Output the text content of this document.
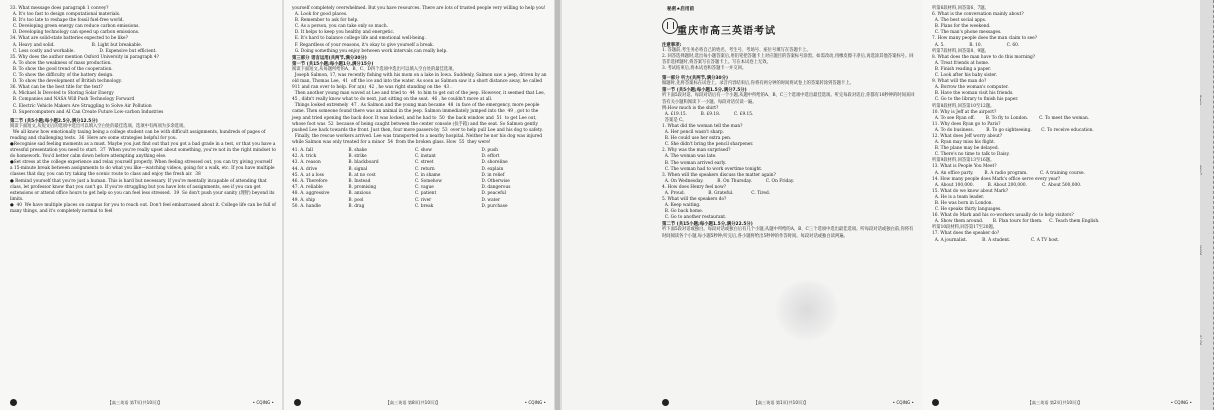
33. What message does paragraph 1 convey?
A. It's too fast to design computational materials.
B. It's too late to reshape the fossil fuel-free world.
C. Developing green energy can reduce carbon emissions.
D. Developing technology can speed up carbon emissions.
34. What are solid-state batteries expected to be like?
A. Heavy and solid.                           B. Light but breakable.
C. Less costly and workable.                  D. Expensive but efficient.
35. Why does the author mention Oxford University in paragraph 4?
A. To show the weakness of mass production.
B. To show the good trend of the cooperation.
C. To show the difficulty of the battery design.
D. To show the development of British technology.
36. What can be the best title for the text?
A. Michael Is Devoted to Storing Solar Energy
B. Companies and NASA Will Push Technology Forward
C. Electric Vehicle Makers Are Struggling to Solve Air Pollution
D. Supercomputers and AI Can Create Future Low-carbon Industries
第二节 (共5小题;每小题2.5分,满分12.5分)
阅读下面短文,从短文后的选项中选出可以填入空白处的最佳选项。选项中有两项为多余选项。
We all know how emotionally taxing being a college student can be with difficult assignments, hundreds of pages of reading and challenging tests.  36  Here are some strategies helpful for you.
●Recognise sad feeling moments as a must. Maybe you just find out that you got a bad grade in a test, or that you have a stressful presentation you need to start.  37  When you're really upset about something, you're not in the right mindset to do homework. You'd better calm down before attempting anything else.
●Set stress at the college experience and relax yourself properly. When feeling stressed out, you can try giving yourself a 15-minute break between assignments to do what you like—watching videos, going for a walk, etc. If you have multiple classes that day, you can try taking the scenic route to class and enjoy the fresh air.  38
● Remind yourself that you're just a human. This is hard but necessary. If you're mentally incapable of attending that class, let professor know that you can't go. If you're struggling but you have lots of assignments, see if you can get extensions or attend office hours to get help so you can feel less stressed.  39  So don't push your sanity (理智) beyond its limits.
●  40  We have multiple places on campus for you to reach out. Don't feel embarrassed about it. College life can be full of many things, and it's completely normal to feel
【高三英语 第7页(共10页)】	• CQING •
yourself completely overwhelmed. But you have resources. There are lots of trusted people very willing to help you!
A. Look for good places.
B. Remember to ask for help.
C. As a person, you can take only so much.
D. It helps to keep you healthy and energetic.
E. It's hard to balance college life and emotional well-being.
F. Regardless of your reasons, it's okay to give yourself a break.
G. Doing something you enjoy between work intervals can really help.
第三部分 语言运用(共两节,满分30分)
第一节 (共15小题;每小题1分,满分15分)
阅读下面短文,从每题所给的A、B、C、D四个选项中选出可以填入空白处的最佳选项。
Joseph Salmon, 17, was recently fishing with his mom on a lake in Iowa. Suddenly, Salmon saw a jeep, driven by an old man, Thomas Lee,  41  off the ice and into the water. As soon as Salmon saw it a short distance away, he called 911 and ran over to help. For a(n)  42 , he was right standing on the  43 .
Then another young man waved at Lee and tried to  44  to him to get out of the jeep. However, it seemed that Lee,  45 , didn't really know what to do next, just sitting on the seat.  46 , he couldn't move at all.
Things looked extremely  47 . As Salmon and the young man became  48  in face of the emergency, more people came. Then someone found there was an animal in the jeep. Salmon immediately jumped into the  49 , got to the jeep and tried opening the back door. It was locked, and he had to  50  the back window and  51  to get Lee out, whose foot was  52  because of being caught between the center console (扶手箱) and the seat. So Salmon gently pushed Lee back towards the front. Just then, four more passers-by  53  over to help pull Lee and his dog to safety.
Finally, the rescue workers arrived. Lee was transported to a nearby hospital. Neither he nor his dog was injured while Salmon was only treated for a minor  54  from the broken glass. How  55  they were!
41. A. fall	B. shake	C. show	D. push
42. A. trick	B. strike	C. instant	D. effort
43. A. reason	B. blackboard	C. street	D. shoreline
44. A. drive	B. signal	C. return	D. explain
45. A. at a loss	B. at no cost	C. in shame	D. in relief
46. A. Therefore	B. Instead	C. Somehow	D. Otherwise
47. A. reliable	B. promising	C. vague	D. dangerous
48. A. aggressive	B. anxious	C. patient	D. peaceful
49. A. ship	B. pool	C. river	D. water
50. A. handle	B. drag	C. break	D. purchase
【高三英语 第8页(共10页)】	• CQING •
秘密★启用前
重庆市高三英语考试
注意事项:
1. 答题前,考生务必将自己的姓名、考生号、考场号、座位号填写在答题卡上。
2. 回答选择题时,选出每小题答案后,用铅笔把答题卡上对应题目的答案标号涂黑。如需改动,用橡皮擦干净后,再选涂其他答案标号。回答非选择题时,将答案写在答题卡上。写在本试卷上无效。
3. 考试结束后,将本试卷和答题卡一并交回。
第一部分 听力(共两节,满分30分)
做题时,先将答案标在试卷上。录音内容结束后,你将有两分钟的时间将试卷上的答案转涂到答题卡上。
第一节 (共5小题;每小题1.5分,满分7.5分)
听下面5段对话。每段对话后有一个小题,从题中所给的A、B、C三个选项中选出最佳选项。听完每段对话后,你都有10秒钟的时间来回答有关小题和阅读下一小题。每段对话仅读一遍。
例:How much is the shirt?
A. £19.15.          B. £9.18.          C. £9.15.
答案是 C。
1. What did the woman tell the man?
A. Her pencil wasn't sharp.
B. He could use her extra pen.
C. She didn't bring the pencil sharpener.
2. Why was the man surprised?
A. The woman was late.
B. The woman arrived early.
C. The woman had to work overtime tonight.
3. When will the speakers discuss the matter again?
A. On Wednesday.          B. On Thursday.          C. On Friday.
4. How does Henry feel now?
A. Proud.                 B. Grateful.             C. Tired.
5. What will the speakers do?
A. Keep waiting.
B. Go back home.
C. Go to another restaurant.
第二节 (共15小题;每小题1.5分,满分22.5分)
听下面5段对话或独白。每段对话或独白后有几个小题,从题中所给的A、B、C三个选项中选出最佳选项。听每段对话或独白前,你将有时间阅读各个小题,每小题5秒钟;听完后,各小题将给出5秒钟的作答时间。每段对话或独白读两遍。
【高三英语 第1页(共10页)】	• CQING •
听第6段材料,回答第6、7题。
6. What is the conversation mainly about?
A. The best social apps.
B. Plans for the weekend.
C. The man's phone messages.
7. How many people does the man claim to see?
A. 5.                  B. 10.                  C. 60.
听第7段材料,回答第8、9题。
8. What does the man have to do this morning?
A. Treat friends at home.
B. Finish reading a paper.
C. Look after his baby sister.
9. What will the man do?
A. Borrow the woman's computer.
B. Have the woman visit his friends.
C. Go to the library to finish his paper.
听第8段材料,回答第10至12题。
10. Why is Jeff at the airport?
A. To see Ryan off.        B. To fly to London.        C. To meet the woman.
11. Why does Ryan go to Paris?
A. To do business.         B. To go sightseeing.       C. To receive education.
12. What does Jeff worry about?
A. Ryan may miss his flight.
B. The plane may be delayed.
C. There's no time to talk to Daisy.
听第9段材料,回答第13至16题。
13. What is People You Meet?
A. An office party.        B. A radio program.         C. A training course.
14. How many people does Mark's office serve every year?
A. About 100,000.          B. About 200,000.           C. About 500,000.
15. What do we know about Mark?
A. He is a team leader.
B. He was born in London.
C. He speaks thirty languages.
16. What do Mark and his co-workers usually do to help visitors?
A. Show them around.       B. Plan tours for them.     C. Teach them English.
听第10段材料,回答第17至20题。
17. What does the speaker do?
A. A journalist.           B. A student.               C. A TV host.
【高三英语 第2页(共10页)】	• CQING •
